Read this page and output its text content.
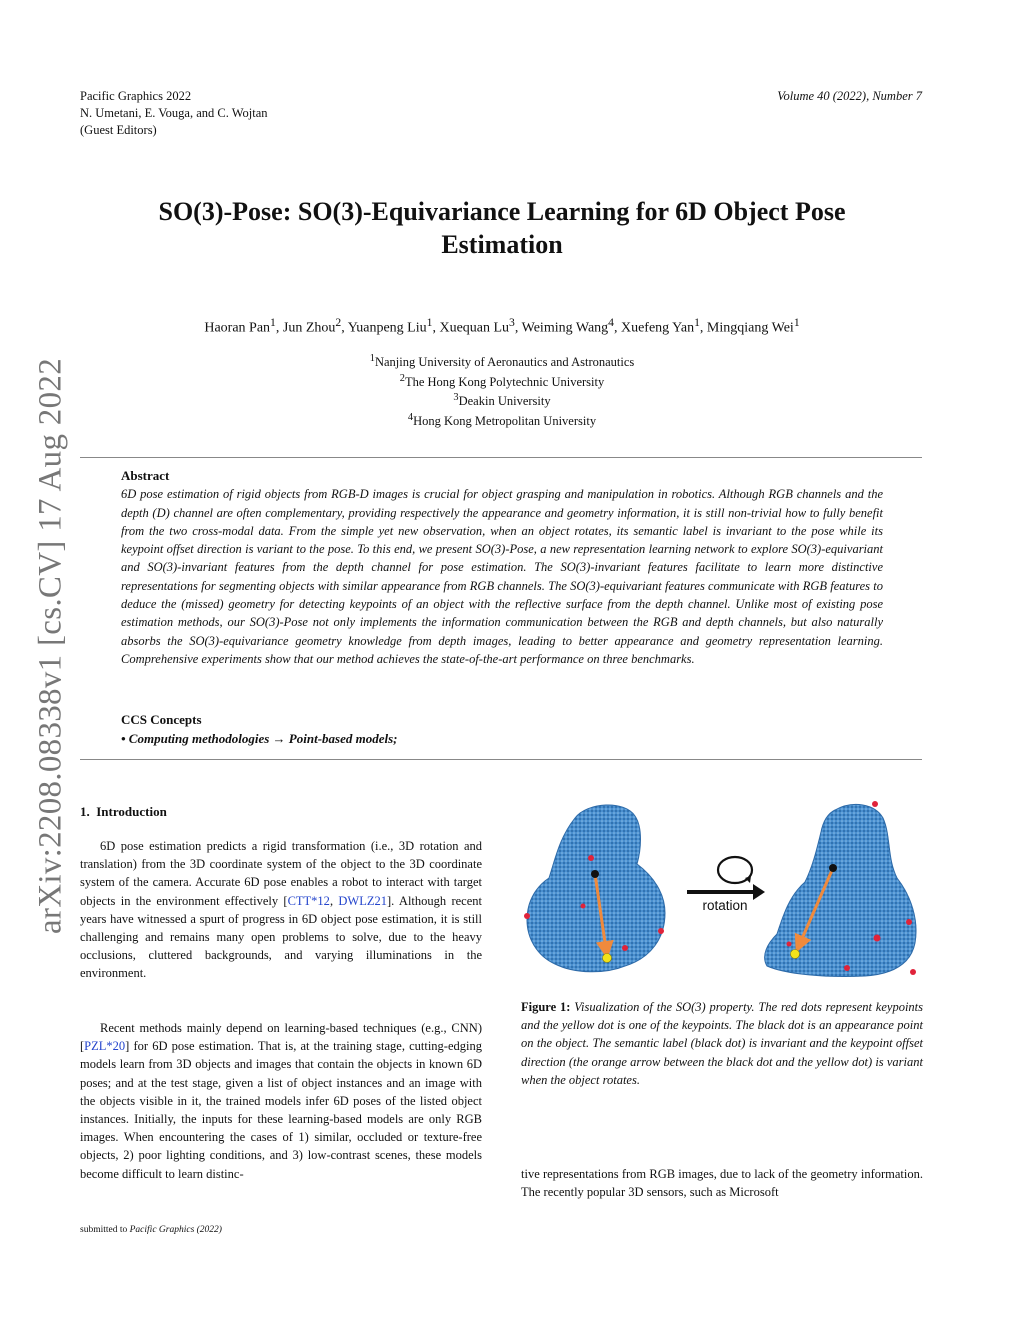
Pacific Graphics 2022
N. Umetani, E. Vouga, and C. Wojtan
(Guest Editors)
Volume 40 (2022), Number 7
arXiv:2208.08338v1 [cs.CV] 17 Aug 2022
SO(3)-Pose: SO(3)-Equivariance Learning for 6D Object Pose Estimation
Haoran Pan$^1$, Jun Zhou$^2$, Yuanpeng Liu$^1$, Xuequan Lu$^3$, Weiming Wang$^4$, Xuefeng Yan$^1$, Mingqiang Wei$^1$
$^1$Nanjing University of Aeronautics and Astronautics
$^2$The Hong Kong Polytechnic University
$^3$Deakin University
$^4$Hong Kong Metropolitan University
Abstract

6D pose estimation of rigid objects from RGB-D images is crucial for object grasping and manipulation in robotics. Although RGB channels and the depth (D) channel are often complementary, providing respectively the appearance and geometry information, it is still non-trivial how to fully benefit from the two cross-modal data. From the simple yet new observation, when an object rotates, its semantic label is invariant to the pose while its keypoint offset direction is variant to the pose. To this end, we present SO(3)-Pose, a new representation learning network to explore SO(3)-equivariant and SO(3)-invariant features from the depth channel for pose estimation. The SO(3)-invariant features facilitate to learn more distinctive representations for segmenting objects with similar appearance from RGB channels. The SO(3)-equivariant features communicate with RGB features to deduce the (missed) geometry for detecting keypoints of an object with the reflective surface from the depth channel. Unlike most of existing pose estimation methods, our SO(3)-Pose not only implements the information communication between the RGB and depth channels, but also naturally absorbs the SO(3)-equivariance geometry knowledge from depth images, leading to better appearance and geometry representation learning. Comprehensive experiments show that our method achieves the state-of-the-art performance on three benchmarks.

CCS Concepts
• Computing methodologies → Point-based models;
1. Introduction

6D pose estimation predicts a rigid transformation (i.e., 3D rotation and translation) from the 3D coordinate system of the object to the 3D coordinate system of the camera. Accurate 6D pose enables a robot to interact with target objects in the environment effectively [CTT*12, DWLZ21]. Although recent years have witnessed a spurt of progress in 6D object pose estimation, it is still challenging and remains many open problems to solve, due to the heavy occlusions, cluttered backgrounds, and varying illuminations in the environment.

Recent methods mainly depend on learning-based techniques (e.g., CNN) [PZL*20] for 6D pose estimation. That is, at the training stage, cutting-edging models learn from 3D objects and images that contain the objects in known 6D poses; and at the test stage, given a list of object instances and an image with the objects visible in it, the trained models infer 6D poses of the listed object instances. Initially, the inputs for these learning-based models are only RGB images. When encountering the cases of 1) similar, occluded or texture-free objects, 2) poor lighting conditions, and 3) low-contrast scenes, these models become difficult to learn distinc-

rotation
Figure 1: Visualization of the SO(3) property. The red dots represent keypoints and the yellow dot is one of the keypoints. The black dot is an appearance point on the object. The semantic label (black dot) is invariant and the keypoint offset direction (the orange arrow between the black dot and the yellow dot) is variant when the object rotates.
tive representations from RGB images, due to lack of the geometry information. The recently popular 3D sensors, such as Microsoft
submitted to Pacific Graphics (2022)
